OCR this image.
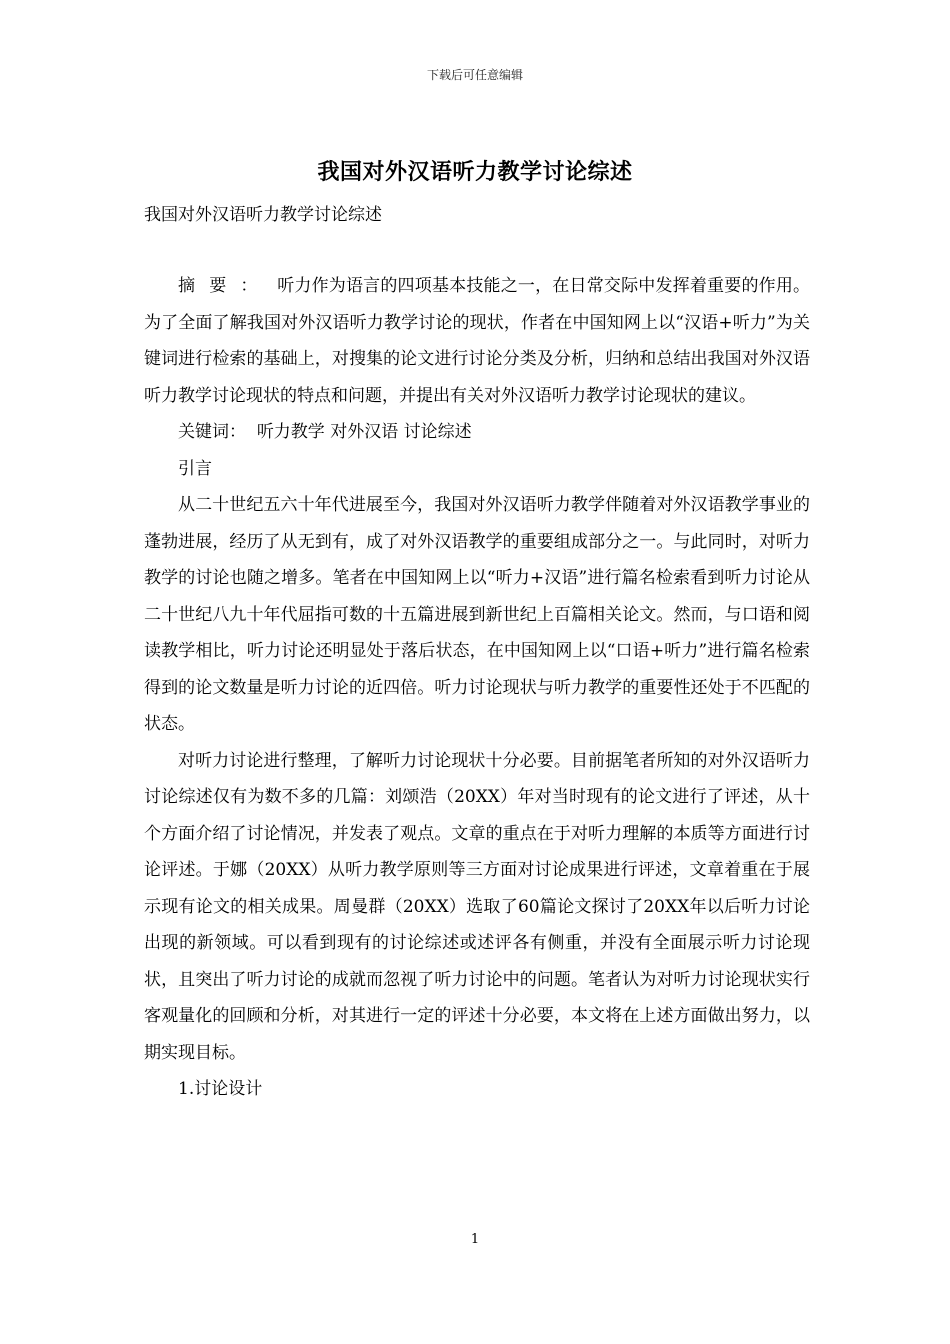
下载后可任意编辑
我国对外汉语听力教学讨论综述
我国对外汉语听力教学讨论综述

摘要： 听力作为语言的四项基本技能之一，在日常交际中发挥着重要的作用。为了全面了解我国对外汉语听力教学讨论的现状，作者在中国知网上以“汉语+听力”为关键词进行检索的基础上，对搜集的论文进行讨论分类及分析，归纳和总结出我国对外汉语听力教学讨论现状的特点和问题，并提出有关对外汉语听力教学讨论现状的建议。

关键词： 听力教学 对外汉语 讨论综述

引言

从二十世纪五六十年代进展至今，我国对外汉语听力教学伴随着对外汉语教学事业的蓬勃进展，经历了从无到有，成了对外汉语教学的重要组成部分之一。与此同时，对听力教学的讨论也随之增多。笔者在中国知网上以“听力+汉语”进行篇名检索看到听力讨论从二十世纪八九十年代屈指可数的十五篇进展到新世纪上百篇相关论文。然而，与口语和阅读教学相比，听力讨论还明显处于落后状态，在中国知网上以“口语+听力”进行篇名检索得到的论文数量是听力讨论的近四倍。听力讨论现状与听力教学的重要性还处于不匹配的状态。

对听力讨论进行整理，了解听力讨论现状十分必要。目前据笔者所知的对外汉语听力讨论综述仅有为数不多的几篇：刘颂浩（20XX）年对当时现有的论文进行了评述，从十个方面介绍了讨论情况，并发表了观点。文章的重点在于对听力理解的本质等方面进行讨论评述。于娜（20XX）从听力教学原则等三方面对讨论成果进行评述，文章着重在于展示现有论文的相关成果。周曼群（20XX）选取了60篇论文探讨了20XX年以后听力讨论出现的新领域。可以看到现有的讨论综述或述评各有侧重，并没有全面展示听力讨论现状，且突出了听力讨论的成就而忽视了听力讨论中的问题。笔者认为对听力讨论现状实行客观量化的回顾和分析，对其进行一定的评述十分必要，本文将在上述方面做出努力，以期实现目标。

1.讨论设计

1
